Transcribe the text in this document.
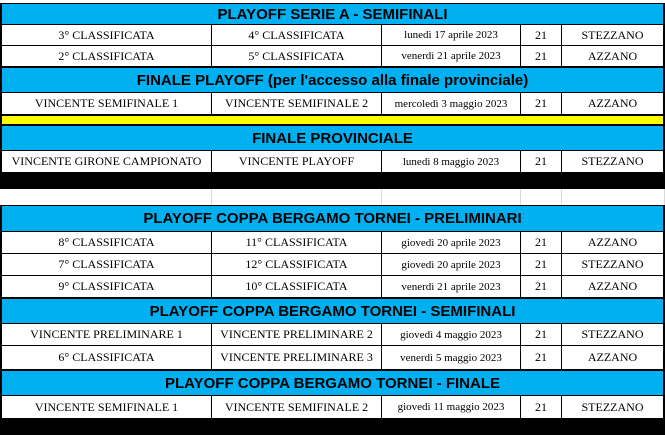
PLAYOFF SERIE A - SEMIFINALI
3° CLASSIFICATA	4° CLASSIFICATA	lunedì 17 aprile 2023	21	STEZZANO
2° CLASSIFICATA	5° CLASSIFICATA	venerdì 21 aprile 2023	21	AZZANO
FINALE PLAYOFF (per l'accesso alla finale provinciale)
VINCENTE SEMIFINALE 1	VINCENTE SEMIFINALE 2	mercoledì 3 maggio 2023	21	AZZANO
FINALE PROVINCIALE
VINCENTE GIRONE CAMPIONATO	VINCENTE PLAYOFF	lunedì 8 maggio 2023	21	STEZZANO
PLAYOFF COPPA BERGAMO TORNEI - PRELIMINARI
8° CLASSIFICATA	11° CLASSIFICATA	giovedì 20 aprile 2023	21	AZZANO
7° CLASSIFICATA	12° CLASSIFICATA	giovedì 20 aprile 2023	21	STEZZANO
9° CLASSIFICATA	10° CLASSIFICATA	venerdì 21 aprile 2023	21	AZZANO
PLAYOFF COPPA BERGAMO TORNEI - SEMIFINALI
VINCENTE PRELIMINARE 1	VINCENTE PRELIMINARE 2	giovedì 4 maggio 2023	21	STEZZANO
6° CLASSIFICATA	VINCENTE PRELIMINARE 3	venerdì 5 maggio 2023	21	AZZANO
PLAYOFF COPPA BERGAMO TORNEI - FINALE
VINCENTE SEMIFINALE 1	VINCENTE SEMIFINALE 2	giovedì 11 maggio 2023	21	STEZZANO
